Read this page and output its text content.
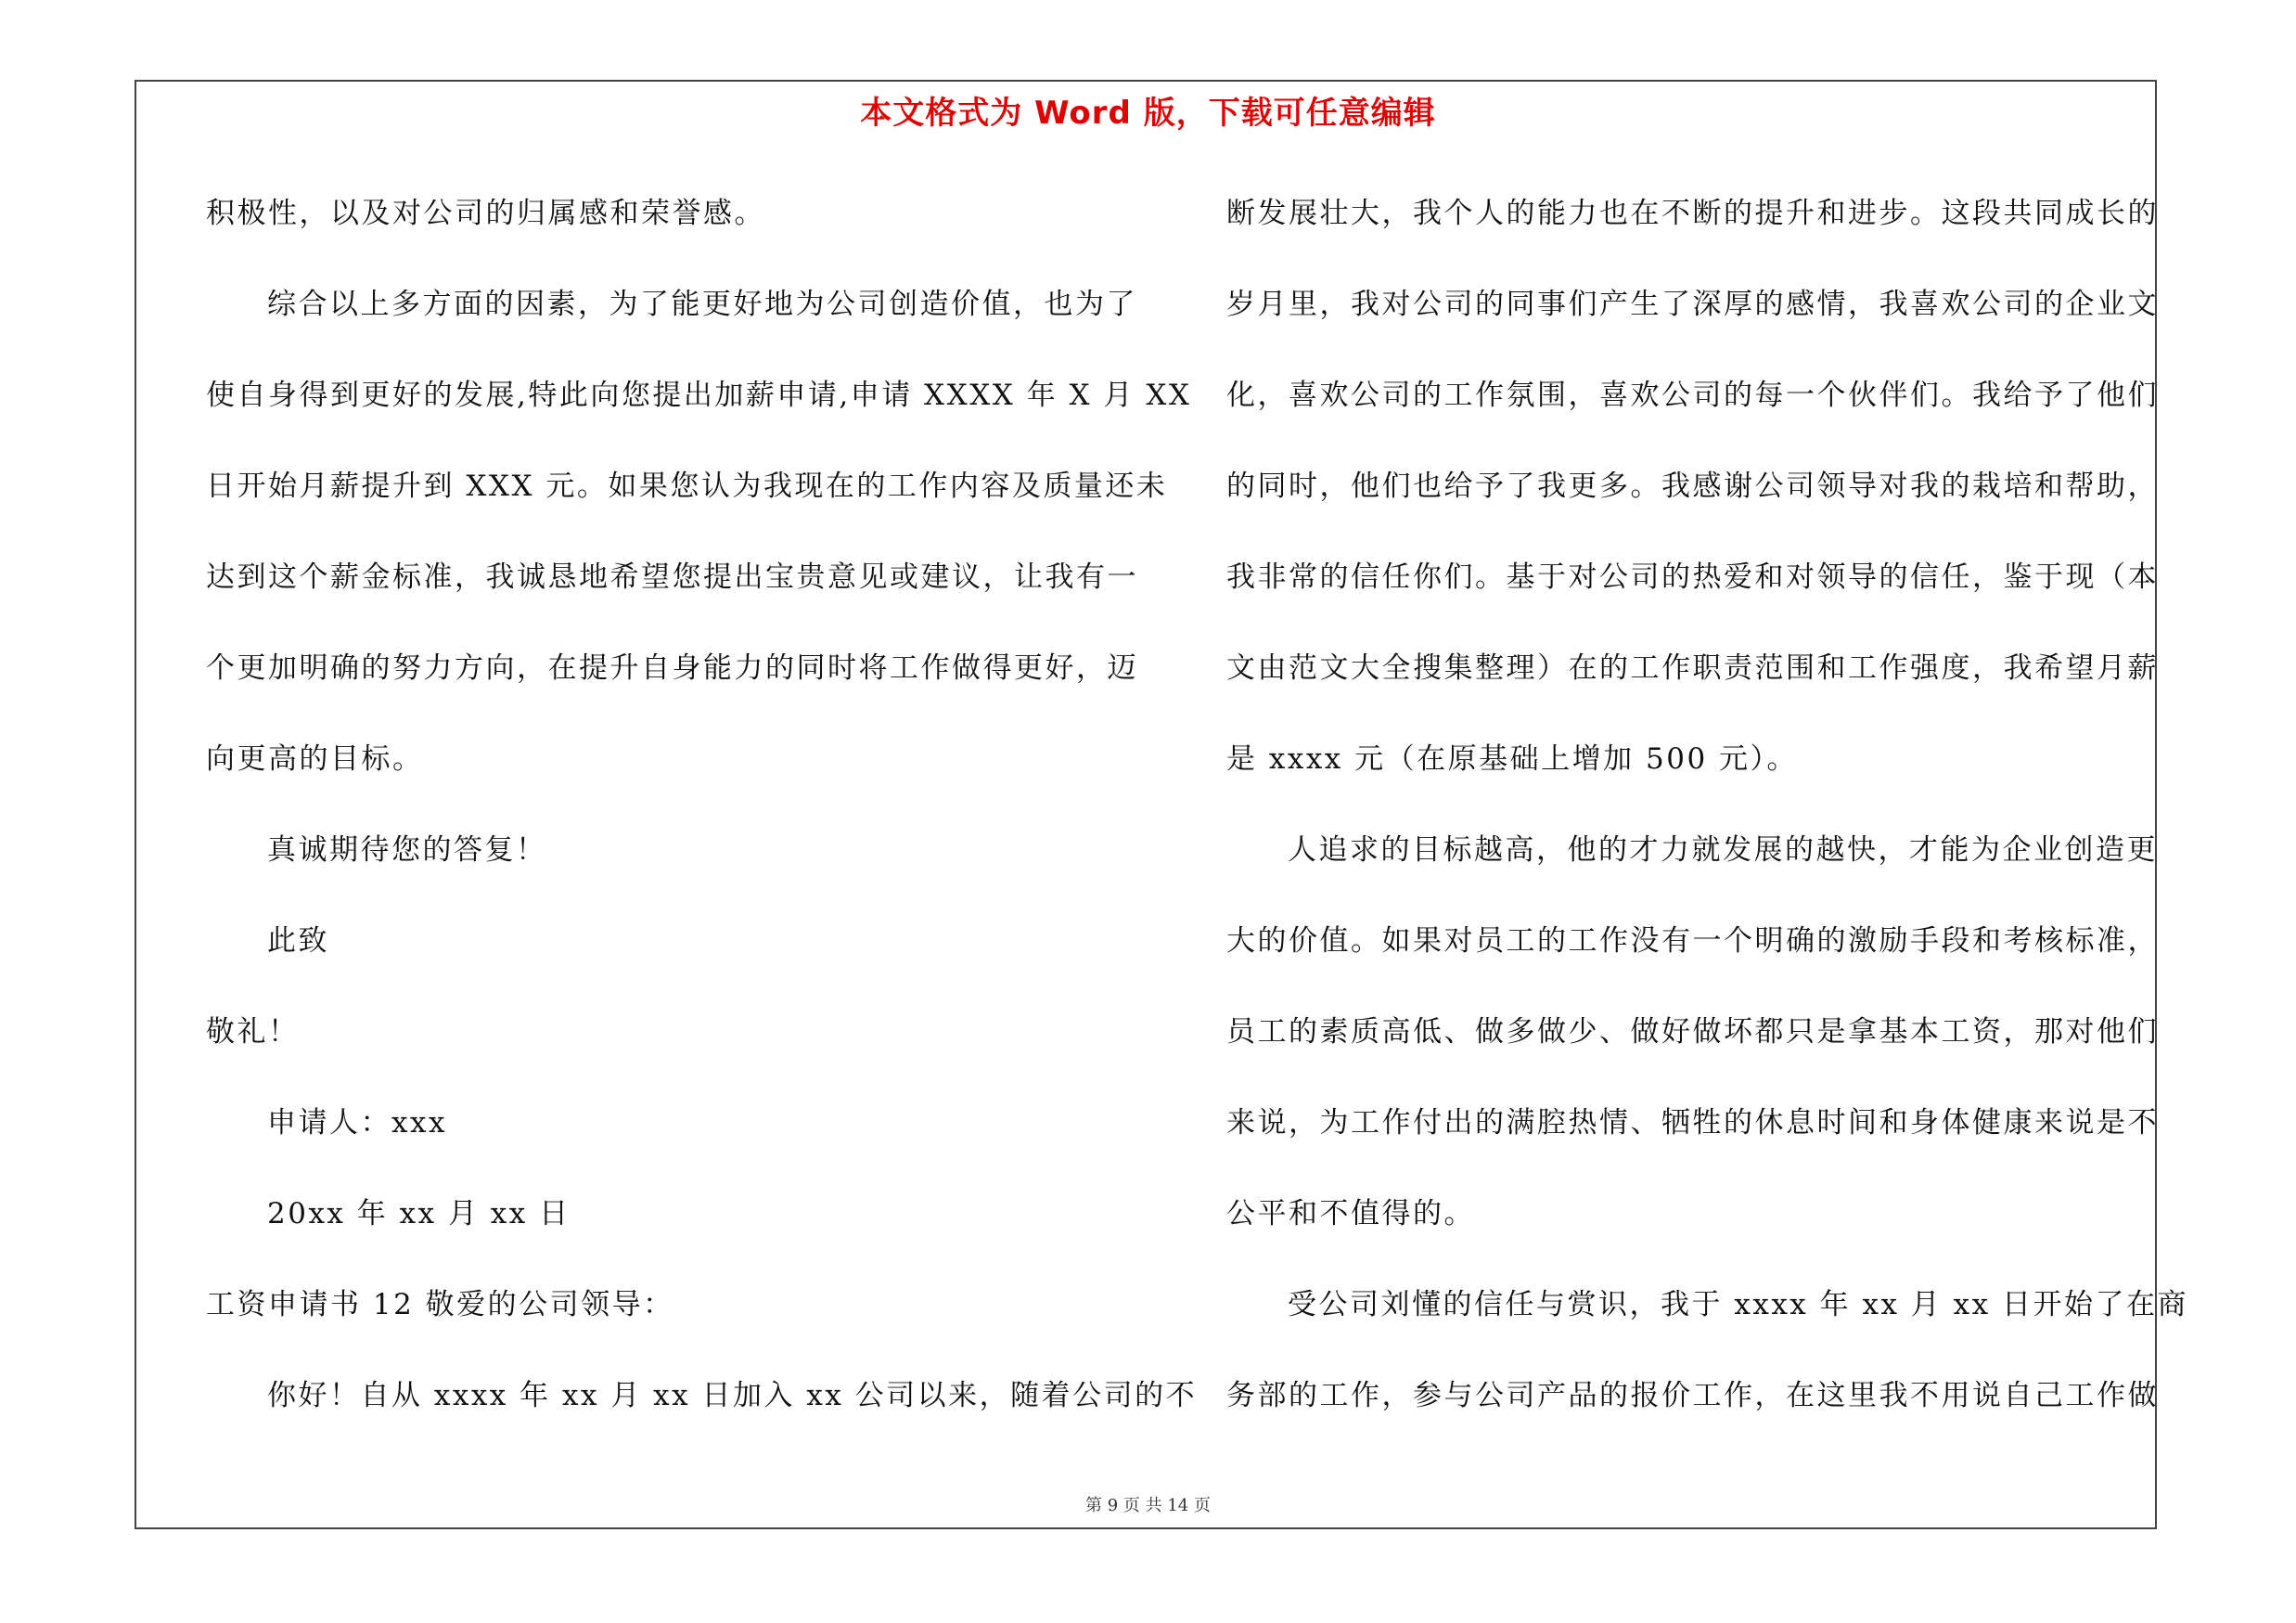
本文格式为 Word 版，下载可任意编辑
积极性，以及对公司的归属感和荣誉感。
综合以上多方面的因素，为了能更好地为公司创造价值，也为了
使自身得到更好的发展,特此向您提出加薪申请,申请 XXXX 年 X 月 XX
日开始月薪提升到 XXX 元。如果您认为我现在的工作内容及质量还未
达到这个薪金标准，我诚恳地希望您提出宝贵意见或建议，让我有一
个更加明确的努力方向，在提升自身能力的同时将工作做得更好，迈
向更高的目标。
真诚期待您的答复！
此致
敬礼！
申请人：xxx
20xx 年 xx 月 xx 日
工资申请书 12 敬爱的公司领导：
你好！自从 xxxx 年 xx 月 xx 日加入 xx 公司以来，随着公司的不
断发展壮大，我个人的能力也在不断的提升和进步。这段共同成长的
岁月里，我对公司的同事们产生了深厚的感情，我喜欢公司的企业文
化，喜欢公司的工作氛围，喜欢公司的每一个伙伴们。我给予了他们
的同时，他们也给予了我更多。我感谢公司领导对我的栽培和帮助，
我非常的信任你们。基于对公司的热爱和对领导的信任，鉴于现（本
文由范文大全搜集整理）在的工作职责范围和工作强度，我希望月薪
是 xxxx 元（在原基础上增加 500 元）。
人追求的目标越高，他的才力就发展的越快，才能为企业创造更
大的价值。如果对员工的工作没有一个明确的激励手段和考核标准，
员工的素质高低、做多做少、做好做坏都只是拿基本工资，那对他们
来说，为工作付出的满腔热情、牺牲的休息时间和身体健康来说是不
公平和不值得的。
受公司刘懂的信任与赏识，我于 xxxx 年 xx 月 xx 日开始了在商
务部的工作，参与公司产品的报价工作，在这里我不用说自己工作做
第 9 页 共 14 页
